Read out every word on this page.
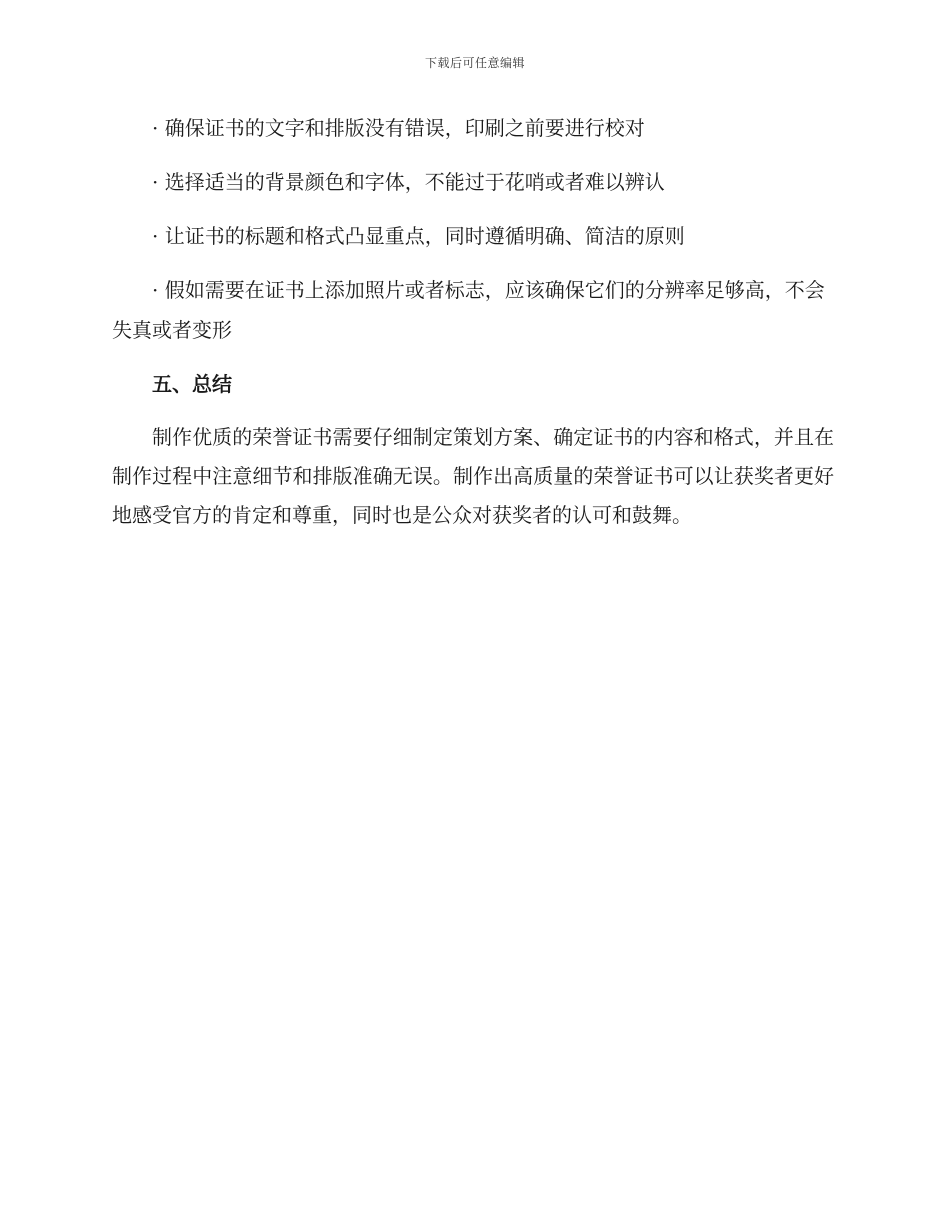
下载后可任意编辑

· 确保证书的文字和排版没有错误，印刷之前要进行校对

· 选择适当的背景颜色和字体，不能过于花哨或者难以辨认

· 让证书的标题和格式凸显重点，同时遵循明确、简洁的原则

· 假如需要在证书上添加照片或者标志，应该确保它们的分辨率足够高，不会失真或者变形

五、总结

制作优质的荣誉证书需要仔细制定策划方案、确定证书的内容和格式，并且在制作过程中注意细节和排版准确无误。制作出高质量的荣誉证书可以让获奖者更好地感受官方的肯定和尊重，同时也是公众对获奖者的认可和鼓舞。
